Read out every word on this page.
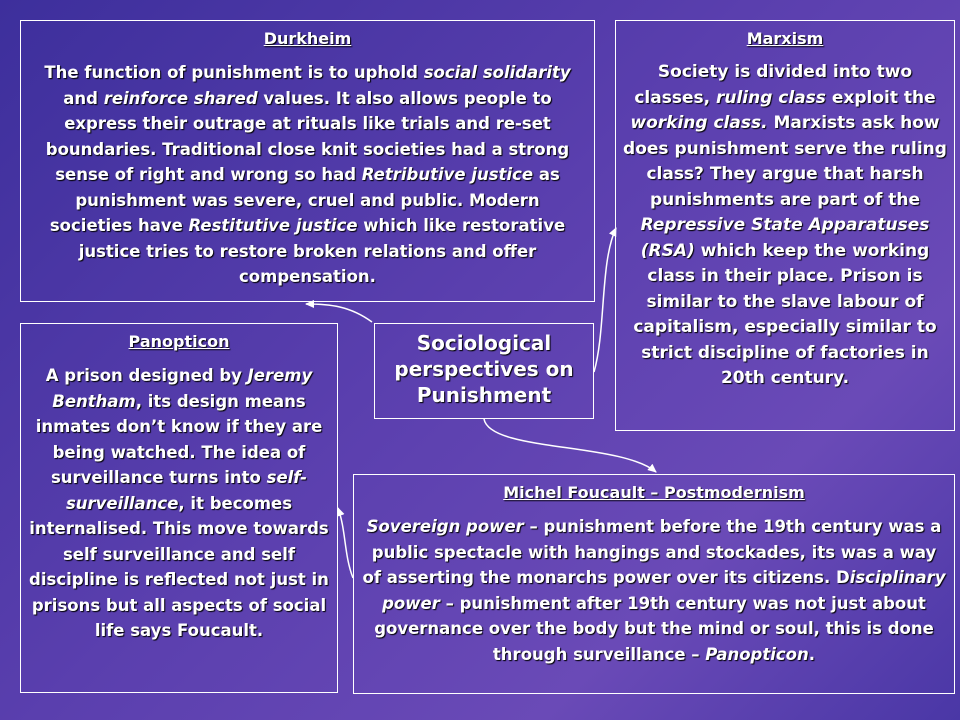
Durkheim
The function of punishment is to uphold social solidarity and reinforce shared values. It also allows people to express their outrage at rituals like trials and re-set boundaries. Traditional close knit societies had a strong sense of right and wrong so had Retributive justice as punishment was severe, cruel and public. Modern societies have Restitutive justice which like restorative justice tries to restore broken relations and offer compensation.
Marxism
Society is divided into two classes, ruling class exploit the working class. Marxists ask how does punishment serve the ruling class? They argue that harsh punishments are part of the Repressive State Apparatuses (RSA) which keep the working class in their place. Prison is similar to the slave labour of capitalism, especially similar to strict discipline of factories in 20th century.
Sociological perspectives on Punishment
Panopticon
A prison designed by Jeremy Bentham, its design means inmates don’t know if they are being watched. The idea of surveillance turns into self-surveillance, it becomes internalised. This move towards self surveillance and self discipline is reflected not just in prisons but all aspects of social life says Foucault.
Michel Foucault – Postmodernism
Sovereign power – punishment before the 19th century was a public spectacle with hangings and stockades, its was a way of asserting the monarchs power over its citizens. Disciplinary power – punishment after 19th century was not just about governance over the body but the mind or soul, this is done through surveillance – Panopticon.
